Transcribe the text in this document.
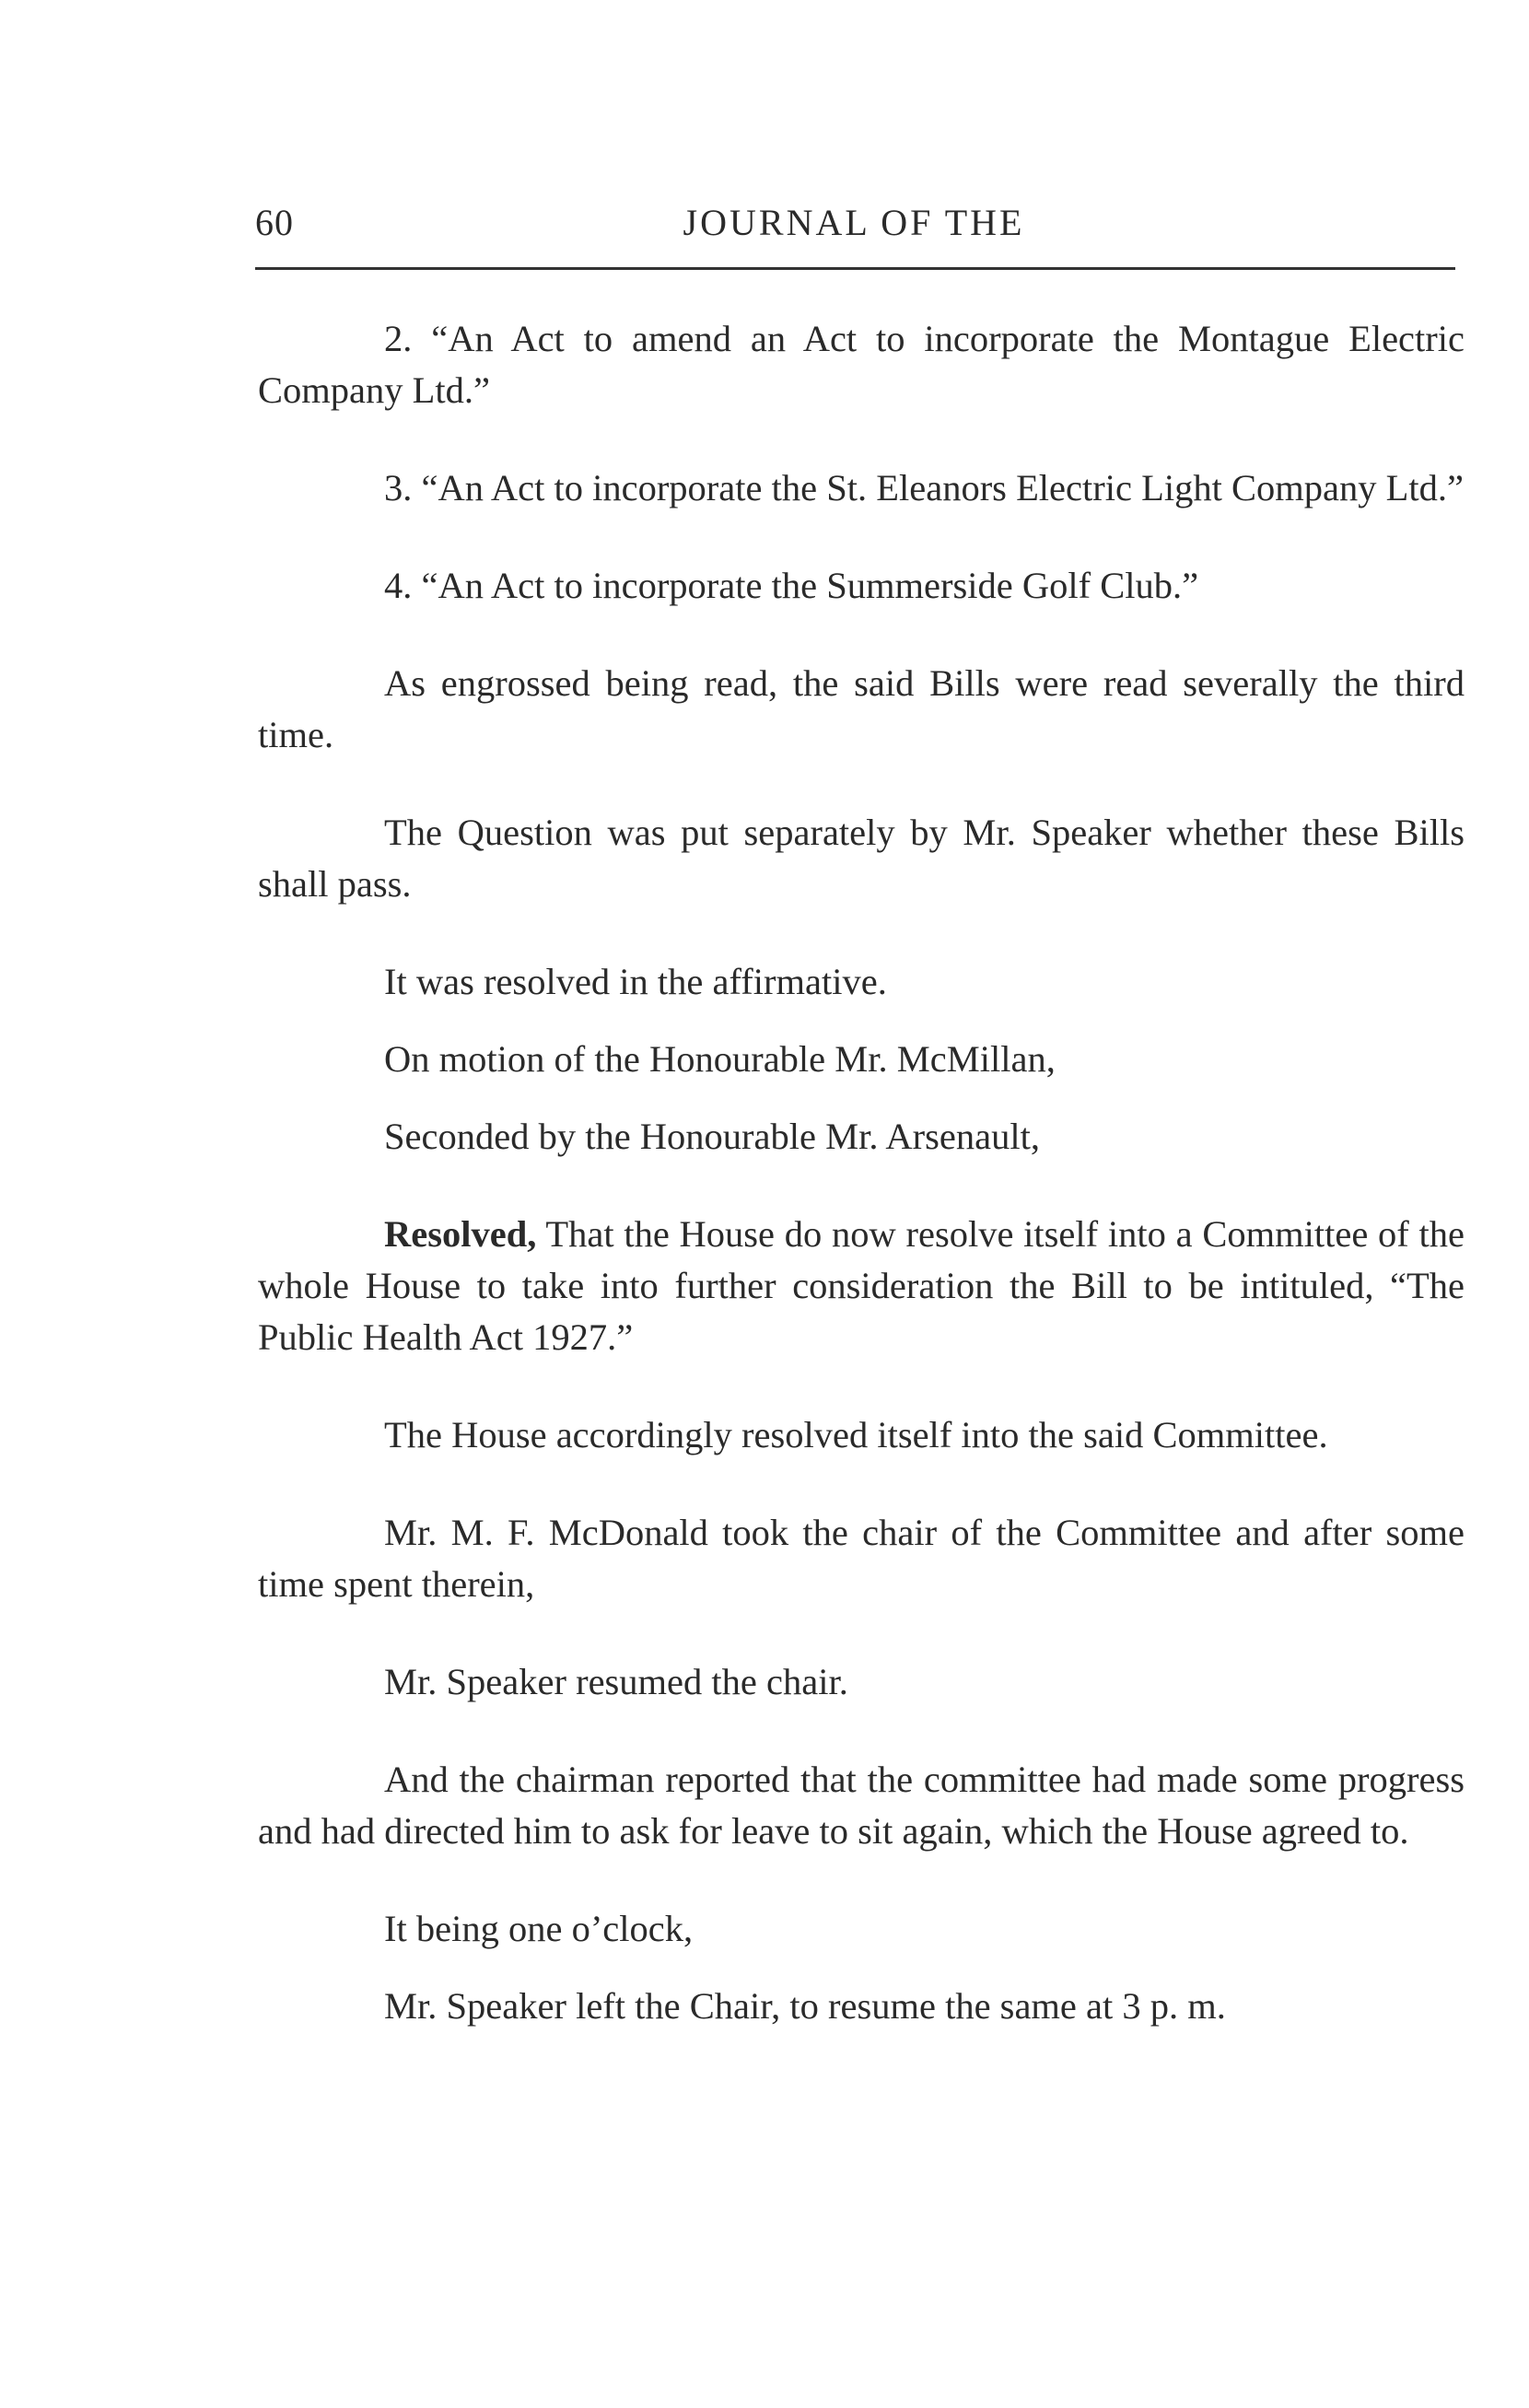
60	JOURNAL OF THE

2. “An Act to amend an Act to incorporate the Montague Electric Company Ltd.”

3. “An Act to incorporate the St. Eleanors Electric Light Company Ltd.”

4. “An Act to incorporate the Summerside Golf Club.”

As engrossed being read, the said Bills were read severally the third time.

The Question was put separately by Mr. Speaker whether these Bills shall pass.

It was resolved in the affirmative.

On motion of the Honourable Mr. McMillan,

Seconded by the Honourable Mr. Arsenault,

Resolved, That the House do now resolve itself into a Committee of the whole House to take into further consideration the Bill to be intituled, “The Public Health Act 1927.”

The House accordingly resolved itself into the said Committee.

Mr. M. F. McDonald took the chair of the Committee and after some time spent therein,

Mr. Speaker resumed the chair.

And the chairman reported that the committee had made some progress and had directed him to ask for leave to sit again, which the House agreed to.

It being one o’clock,

Mr. Speaker left the Chair, to resume the same at 3 p. m.
